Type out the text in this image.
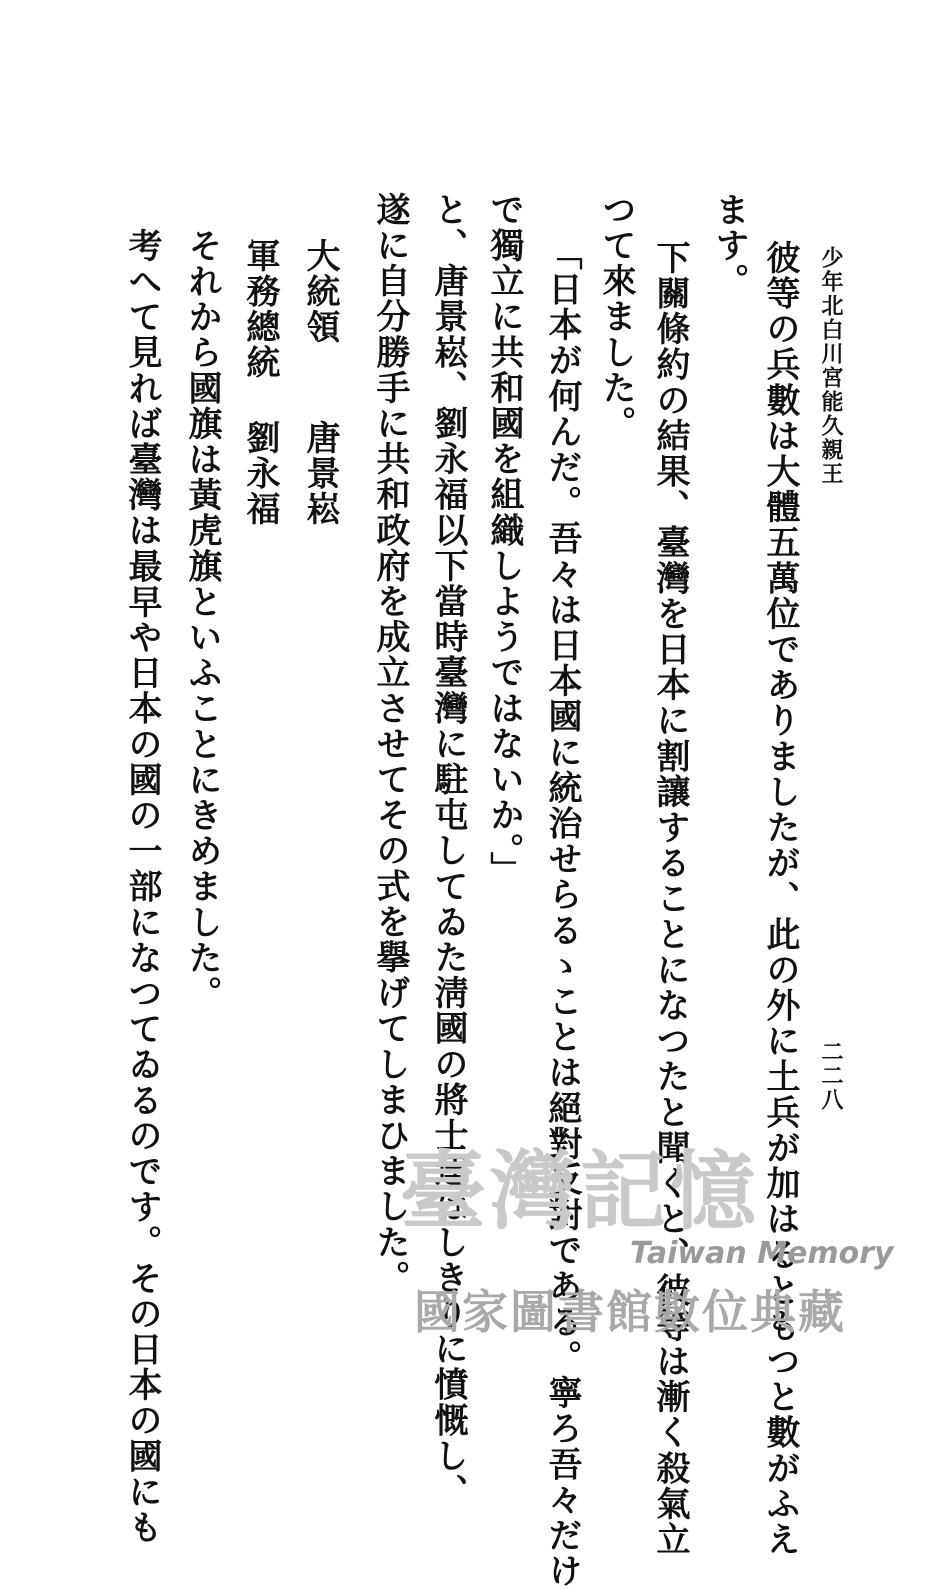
少年北白川宮能久親王
二二八
ます。 彼等の兵數は大體五萬位でありましたが、此の外に土兵が加はるともつと數がふえ
下關條約の結果、臺灣を日本に割讓することになつたと聞くと、彼等は漸く殺氣立
つて來ました。
「日本が何んだ。吾々は日本國に統治せらるゝことは絕對反對である。寧ろ吾々だけ
で獨立に共和國を組織しようではないか。」
と、唐景崧、劉永福以下當時臺灣に駐屯してゐた淸國の將士達はしきりに憤慨し、
遂に自分勝手に共和政府を成立させてその式を擧げてしまひました。
大統領
唐景崧
軍務總統
劉永福
それから國旗は黃虎旗といふことにきめました。
考へて見れば臺灣は最早や日本の國の一部になつてゐるのです。その日本の國にも	臺灣記憶
Taiwan Memory
國家圖書館數位典藏
